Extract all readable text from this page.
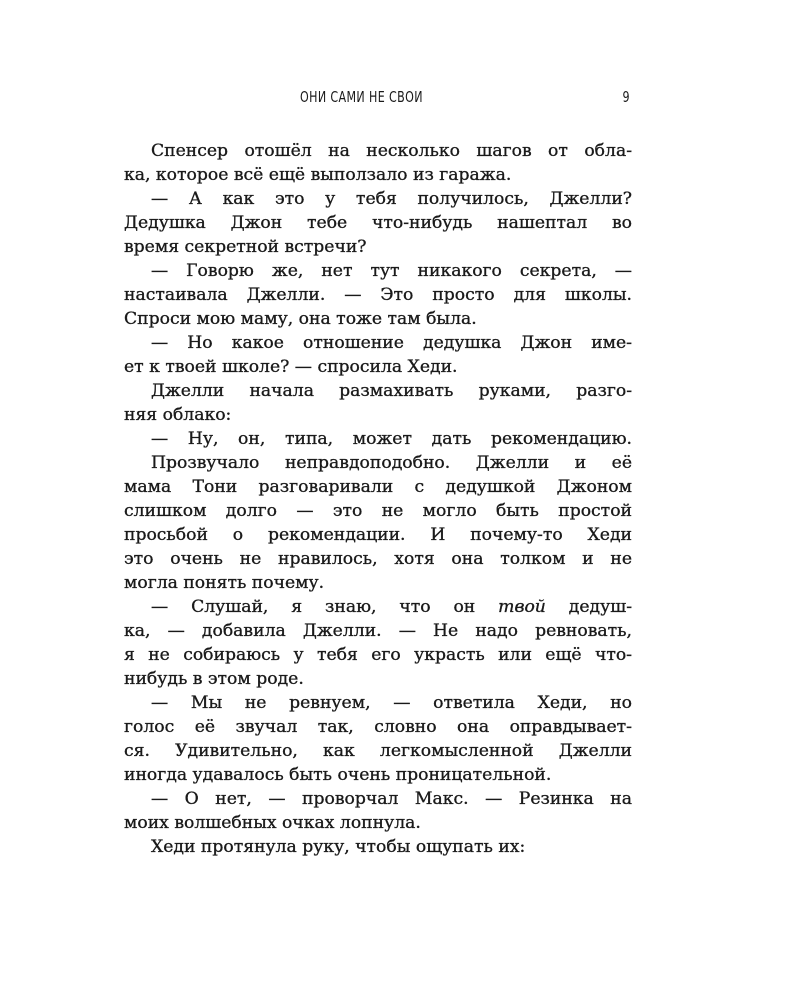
ОНИ САМИ НЕ СВОИ	9
Спенсер отошёл на несколько шагов от обла-
ка, которое всё ещё выползало из гаража.
— А как это у тебя получилось, Джелли?
Дедушка Джон тебе что-нибудь нашептал во
время секретной встречи?
— Говорю же, нет тут никакого секрета, —
настаивала Джелли. — Это просто для школы.
Спроси мою маму, она тоже там была.
— Но какое отношение дедушка Джон име-
ет к твоей школе? — спросила Хеди.
Джелли начала размахивать руками, разго-
няя облако:
— Ну, он, типа, может дать рекомендацию.
Прозвучало неправдоподобно. Джелли и её
мама Тони разговаривали с дедушкой Джоном
слишком долго — это не могло быть простой
просьбой о рекомендации. И почему-то Хеди
это очень не нравилось, хотя она толком и не
могла понять почему.
— Слушай, я знаю, что он твой дедуш-
ка, — добавила Джелли. — Не надо ревновать,
я не собираюсь у тебя его украсть или ещё что-
нибудь в этом роде.
— Мы не ревнуем, — ответила Хеди, но
голос её звучал так, словно она оправдывает-
ся. Удивительно, как легкомысленной Джелли
иногда удавалось быть очень проницательной.
— О нет, — проворчал Макс. — Резинка на
моих волшебных очках лопнула.
Хеди протянула руку, чтобы ощупать их:
